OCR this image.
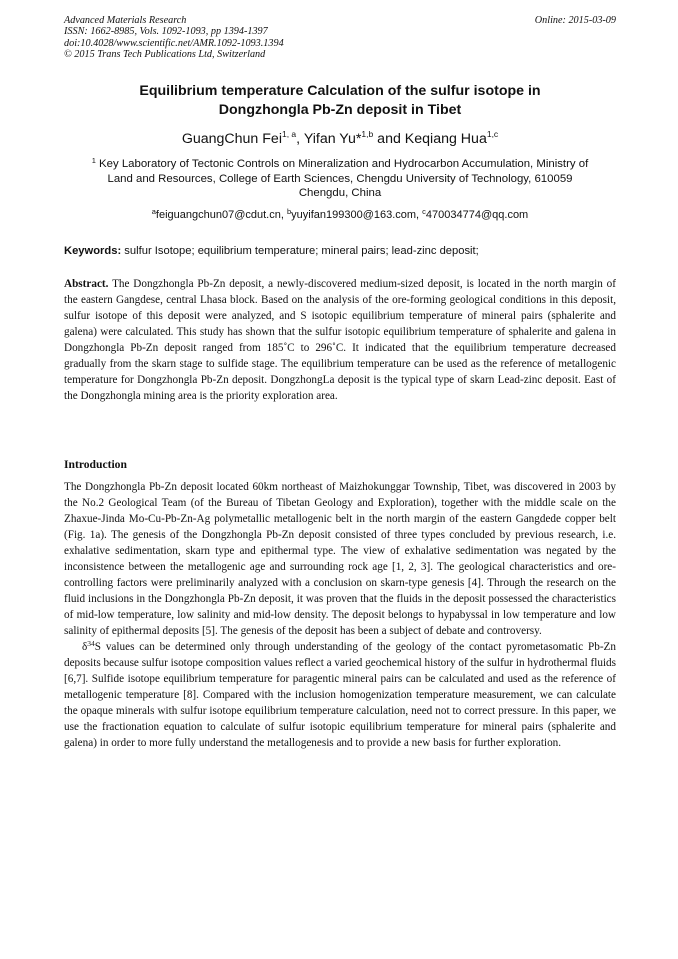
Advanced Materials Research
ISSN: 1662-8985, Vols. 1092-1093, pp 1394-1397
doi:10.4028/www.scientific.net/AMR.1092-1093.1394
© 2015 Trans Tech Publications Ltd, Switzerland
Online: 2015-03-09
Equilibrium temperature Calculation of the sulfur isotope in
Dongzhongla Pb-Zn deposit in Tibet
GuangChun Fei$^{1, a}$, Yifan Yu*$^{1,b}$ and Keqiang Hua$^{1,c}$
$^1$ Key Laboratory of Tectonic Controls on Mineralization and Hydrocarbon Accumulation, Ministry of
Land and Resources, College of Earth Sciences, Chengdu University of Technology, 610059
Chengdu, China
$^a$feiguangchun07@cdut.cn, $^b$yuyifan199300@163.com, $^c$470034774@qq.com
Keywords: sulfur Isotope; equilibrium temperature; mineral pairs; lead-zinc deposit;
Abstract. The Dongzhongla Pb-Zn deposit, a newly-discovered medium-sized deposit, is located in the north margin of the eastern Gangdese, central Lhasa block. Based on the analysis of the ore-forming geological conditions in this deposit, sulfur isotope of this deposit were analyzed, and S isotopic equilibrium temperature of mineral pairs (sphalerite and galena) were calculated. This study has shown that the sulfur isotopic equilibrium temperature of sphalerite and galena in Dongzhongla Pb-Zn deposit ranged from 185˚C to 296˚C. It indicated that the equilibrium temperature decreased gradually from the skarn stage to sulfide stage. The equilibrium temperature can be used as the reference of metallogenic temperature for Dongzhongla Pb-Zn deposit. DongzhongLa deposit is the typical type of skarn Lead-zinc deposit. East of the Dongzhongla mining area is the priority exploration area.
Introduction

The Dongzhongla Pb-Zn deposit located 60km northeast of Maizhokunggar Township, Tibet, was discovered in 2003 by the No.2 Geological Team (of the Bureau of Tibetan Geology and Exploration), together with the middle scale on the Zhaxue-Jinda Mo-Cu-Pb-Zn-Ag polymetallic metallogenic belt in the north margin of the eastern Gangdede copper belt (Fig. 1a). The genesis of the Dongzhongla Pb-Zn deposit consisted of three types concluded by previous research, i.e. exhalative sedimentation, skarn type and epithermal type. The view of exhalative sedimentation was negated by the inconsistence between the metallogenic age and surrounding rock age [1, 2, 3]. The geological characteristics and ore-controlling factors were preliminarily analyzed with a conclusion on skarn-type genesis [4]. Through the research on the fluid inclusions in the Dongzhongla Pb-Zn deposit, it was proven that the fluids in the deposit possessed the characteristics of mid-low temperature, low salinity and mid-low density. The deposit belongs to hypabyssal in low temperature and low salinity of epithermal deposits [5]. The genesis of the deposit has been a subject of debate and controversy.

$\delta^{34}S$ values can be determined only through understanding of the geology of the contact pyrometasomatic Pb-Zn deposits because sulfur isotope composition values reflect a varied geochemical history of the sulfur in hydrothermal fluids [6,7]. Sulfide isotope equilibrium temperature for paragentic mineral pairs can be calculated and used as the reference of metallogenic temperature [8]. Compared with the inclusion homogenization temperature measurement, we can calculate the opaque minerals with sulfur isotope equilibrium temperature calculation, need not to correct pressure. In this paper, we use the fractionation equation to calculate of sulfur isotopic equilibrium temperature for mineral pairs (sphalerite and galena) in order to more fully understand the metallogenesis and to provide a new basis for further exploration.
